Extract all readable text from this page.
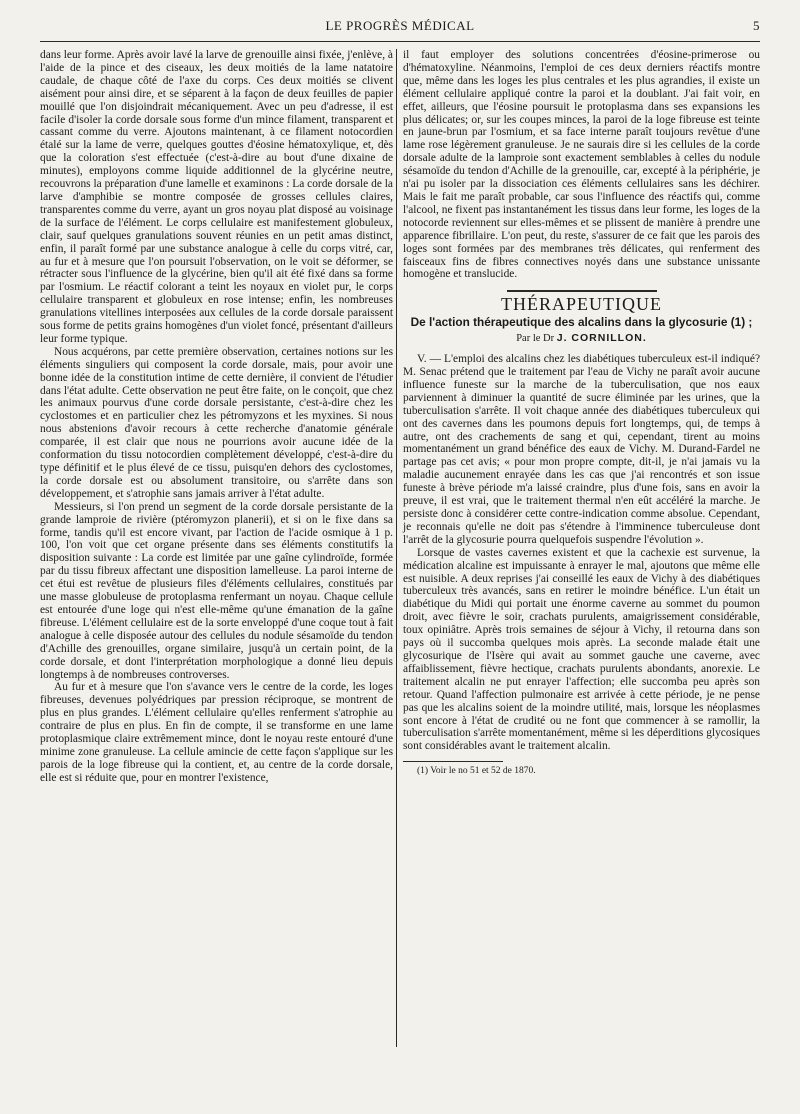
LE PROGRÈS MÉDICAL	5

dans leur forme. Après avoir lavé la larve de grenouille ainsi fixée, j'enlève, à l'aide de la pince et des ciseaux, les deux moitiés de la lame natatoire caudale, de chaque côté de l'axe du corps. Ces deux moitiés se clivent aisément pour ainsi dire, et se séparent à la façon de deux feuilles de papier mouillé que l'on disjoindrait mécaniquement. Avec un peu d'adresse, il est facile d'isoler la corde dorsale sous forme d'un mince filament, transparent et cassant comme du verre. Ajoutons maintenant, à ce filament notocordien étalé sur la lame de verre, quelques gouttes d'éosine hématoxylique, et, dès que la coloration s'est effectuée (c'est-à-dire au bout d'une dixaine de minutes), employons comme liquide additionnel de la glycérine neutre, recouvrons la préparation d'une lamelle et examinons : La corde dorsale de la larve d'amphibie se montre composée de grosses cellules claires, transparentes comme du verre, ayant un gros noyau plat disposé au voisinage de la surface de l'élément. Le corps cellulaire est manifestement globuleux, clair, sauf quelques granulations souvent réunies en un petit amas distinct, enfin, il paraît formé par une substance analogue à celle du corps vitré, car, au fur et à mesure que l'on poursuit l'observation, on le voit se déformer, se rétracter sous l'influence de la glycérine, bien qu'il ait été fixé dans sa forme par l'osmium. Le réactif colorant a teint les noyaux en violet pur, le corps cellulaire transparent et globuleux en rose intense; enfin, les nombreuses granulations vitellines interposées aux cellules de la corde dorsale paraissent sous forme de petits grains homogènes d'un violet foncé, présentant d'ailleurs leur forme typique.

Nous acquérons, par cette première observation, certaines notions sur les éléments singuliers qui composent la corde dorsale, mais, pour avoir une bonne idée de la constitution intime de cette dernière, il convient de l'étudier dans l'état adulte. Cette observation ne peut être faite, on le conçoit, que chez les animaux pourvus d'une corde dorsale persistante, c'est-à-dire chez les cyclostomes et en particulier chez les pétromyzons et les myxines. Si nous nous abstenions d'avoir recours à cette recherche d'anatomie générale comparée, il est clair que nous ne pourrions avoir aucune idée de la conformation du tissu notocordien complètement développé, c'est-à-dire du type définitif et le plus élevé de ce tissu, puisqu'en dehors des cyclostomes, la corde dorsale est ou absolument transitoire, ou s'arrête dans son développement, et s'atrophie sans jamais arriver à l'état adulte.

Messieurs, si l'on prend un segment de la corde dorsale persistante de la grande lamproie de rivière (ptéromyzon planerii), et si on le fixe dans sa forme, tandis qu'il est encore vivant, par l'action de l'acide osmique à 1 p. 100, l'on voit que cet organe présente dans ses éléments constitutifs la disposition suivante : La corde est limitée par une gaîne cylindroïde, formée par du tissu fibreux affectant une disposition lamelleuse. La paroi interne de cet étui est revêtue de plusieurs files d'éléments cellulaires, constitués par une masse globuleuse de protoplasma renfermant un noyau. Chaque cellule est entourée d'une loge qui n'est elle-même qu'une émanation de la gaîne fibreuse. L'élément cellulaire est de la sorte enveloppé d'une coque tout à fait analogue à celle disposée autour des cellules du nodule sésamoïde du tendon d'Achille des grenouilles, organe similaire, jusqu'à un certain point, de la corde dorsale, et dont l'interprétation morphologique a donné lieu depuis longtemps à de nombreuses controverses.

Au fur et à mesure que l'on s'avance vers le centre de la corde, les loges fibreuses, devenues polyédriques par pression réciproque, se montrent de plus en plus grandes. L'élément cellulaire qu'elles renferment s'atrophie au contraire de plus en plus. En fin de compte, il se transforme en une lame protoplasmique claire extrêmement mince, dont le noyau reste entouré d'une minime zone granuleuse. La cellule amincie de cette façon s'applique sur les parois de la loge fibreuse qui la contient, et, au centre de la corde dorsale, elle est si réduite que, pour en montrer l'existence,

il faut employer des solutions concentrées d'éosine-primerose ou d'hématoxyline. Néanmoins, l'emploi de ces deux derniers réactifs montre que, même dans les loges les plus centrales et les plus agrandies, il existe un élément cellulaire appliqué contre la paroi et la doublant. J'ai fait voir, en effet, ailleurs, que l'éosine poursuit le protoplasma dans ses expansions les plus délicates; or, sur les coupes minces, la paroi de la loge fibreuse est teinte en jaune-brun par l'osmium, et sa face interne paraît toujours revêtue d'une lame rose légèrement granuleuse. Je ne saurais dire si les cellules de la corde dorsale adulte de la lamproie sont exactement semblables à celles du nodule sésamoïde du tendon d'Achille de la grenouille, car, excepté à la périphérie, je n'ai pu isoler par la dissociation ces éléments cellulaires sans les déchirer. Mais le fait me paraît probable, car sous l'influence des réactifs qui, comme l'alcool, ne fixent pas instantanément les tissus dans leur forme, les loges de la notocorde reviennent sur elles-mêmes et se plissent de manière à prendre une apparence fibrillaire. L'on peut, du reste, s'assurer de ce fait que les parois des loges sont formées par des membranes très délicates, qui renferment des faisceaux fins de fibres connectives noyés dans une substance unissante homogène et translucide.

THÉRAPEUTIQUE
De l'action thérapeutique des alcalins dans la glycosurie (1) ;
Par le Dr J. CORNILLON.

V. — L'emploi des alcalins chez les diabétiques tuberculeux est-il indiqué? M. Senac prétend que le traitement par l'eau de Vichy ne paraît avoir aucune influence funeste sur la marche de la tuberculisation, que nos eaux parviennent à diminuer la quantité de sucre éliminée par les urines, que la tuberculisation s'arrête. Il voit chaque année des diabétiques tuberculeux qui ont des cavernes dans les poumons depuis fort longtemps, qui, de temps à autre, ont des crachements de sang et qui, cependant, tirent au moins momentanément un grand bénéfice des eaux de Vichy. M. Durand-Fardel ne partage pas cet avis; « pour mon propre compte, dit-il, je n'ai jamais vu la maladie aucunement enrayée dans les cas que j'ai rencontrés et son issue funeste à brève période m'a laissé craindre, plus d'une fois, sans en avoir la preuve, il est vrai, que le traitement thermal n'en eût accéléré la marche. Je persiste donc à considérer cette contre-indication comme absolue. Cependant, je reconnais qu'elle ne doit pas s'étendre à l'imminence tuberculeuse dont l'arrêt de la glycosurie pourra quelquefois suspendre l'évolution ».

Lorsque de vastes cavernes existent et que la cachexie est survenue, la médication alcaline est impuissante à enrayer le mal, ajoutons que même elle est nuisible. A deux reprises j'ai conseillé les eaux de Vichy à des diabétiques tuberculeux très avancés, sans en retirer le moindre bénéfice. L'un était un diabétique du Midi qui portait une énorme caverne au sommet du poumon droit, avec fièvre le soir, crachats purulents, amaigrissement considérable, toux opiniâtre. Après trois semaines de séjour à Vichy, il retourna dans son pays où il succomba quelques mois après. La seconde malade était une glycosurique de l'Isère qui avait au sommet gauche une caverne, avec affaiblissement, fièvre hectique, crachats purulents abondants, anorexie. Le traitement alcalin ne put enrayer l'affection; elle succomba peu après son retour. Quand l'affection pulmonaire est arrivée à cette période, je ne pense pas que les alcalins soient de la moindre utilité, mais, lorsque les néoplasmes sont encore à l'état de crudité ou ne font que commencer à se ramollir, la tuberculisation s'arrête momentanément, même si les déperditions glycosiques sont considérables avant le traitement alcalin.

(1) Voir le no 51 et 52 de 1870.
